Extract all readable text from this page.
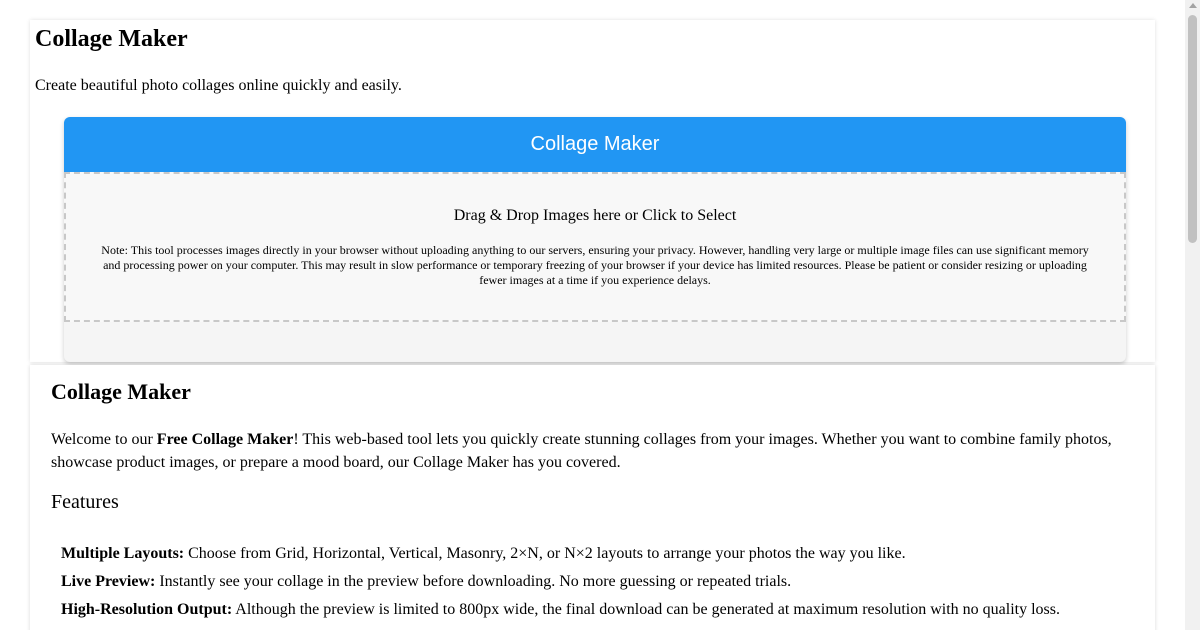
Collage Maker

Create beautiful photo collages online quickly and easily.

Collage Maker
Drag & Drop Images here or Click to Select
Note: This tool processes images directly in your browser without uploading anything to our servers, ensuring your privacy. However, handling very large or multiple image files can use significant memory and processing power on your computer. This may result in slow performance or temporary freezing of your browser if your device has limited resources. Please be patient or consider resizing or uploading fewer images at a time if you experience delays.
Collage Maker

Welcome to our Free Collage Maker! This web-based tool lets you quickly create stunning collages from your images. Whether you want to combine family photos, showcase product images, or prepare a mood board, our Collage Maker has you covered.

Features
Multiple Layouts: Choose from Grid, Horizontal, Vertical, Masonry, 2×N, or N×2 layouts to arrange your photos the way you like.
Live Preview: Instantly see your collage in the preview before downloading. No more guessing or repeated trials.
High-Resolution Output: Although the preview is limited to 800px wide, the final download can be generated at maximum resolution with no quality loss.
